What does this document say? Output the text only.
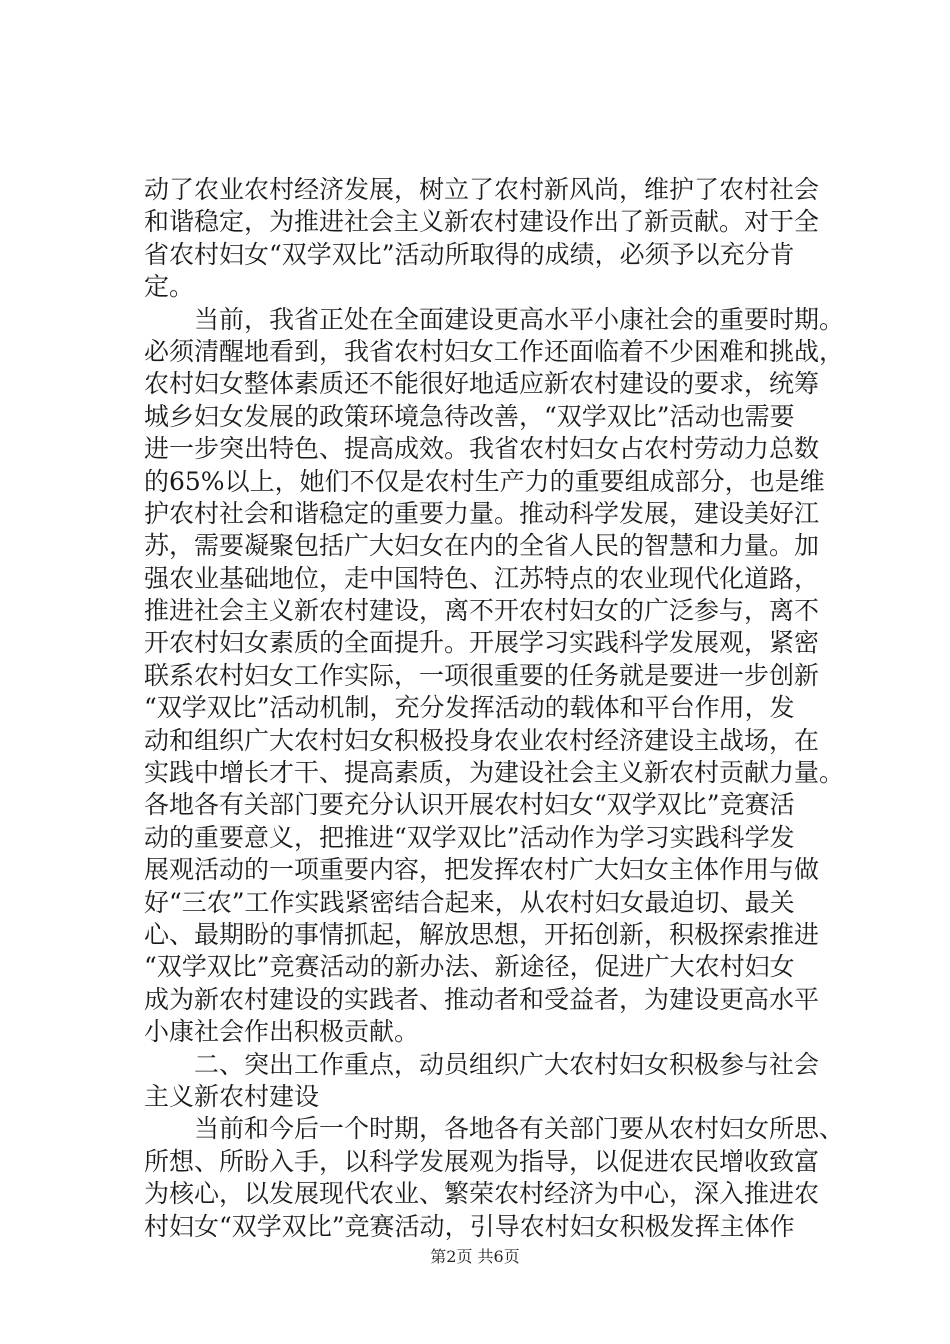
动了农业农村经济发展，树立了农村新风尚，维护了农村社会
和谐稳定，为推进社会主义新农村建设作出了新贡献。对于全
省农村妇女“双学双比”活动所取得的成绩，必须予以充分肯
定。
　　当前，我省正处在全面建设更高水平小康社会的重要时期。
必须清醒地看到，我省农村妇女工作还面临着不少困难和挑战，
农村妇女整体素质还不能很好地适应新农村建设的要求，统筹
城乡妇女发展的政策环境急待改善，“双学双比”活动也需要
进一步突出特色、提高成效。我省农村妇女占农村劳动力总数
的65%以上，她们不仅是农村生产力的重要组成部分，也是维
护农村社会和谐稳定的重要力量。推动科学发展，建设美好江
苏，需要凝聚包括广大妇女在内的全省人民的智慧和力量。加
强农业基础地位，走中国特色、江苏特点的农业现代化道路，
推进社会主义新农村建设，离不开农村妇女的广泛参与，离不
开农村妇女素质的全面提升。开展学习实践科学发展观，紧密
联系农村妇女工作实际，一项很重要的任务就是要进一步创新
“双学双比”活动机制，充分发挥活动的载体和平台作用，发
动和组织广大农村妇女积极投身农业农村经济建设主战场，在
实践中增长才干、提高素质，为建设社会主义新农村贡献力量。
各地各有关部门要充分认识开展农村妇女“双学双比”竞赛活
动的重要意义，把推进“双学双比”活动作为学习实践科学发
展观活动的一项重要内容，把发挥农村广大妇女主体作用与做
好“三农”工作实践紧密结合起来，从农村妇女最迫切、最关
心、最期盼的事情抓起，解放思想，开拓创新，积极探索推进
“双学双比”竞赛活动的新办法、新途径，促进广大农村妇女
成为新农村建设的实践者、推动者和受益者，为建设更高水平
小康社会作出积极贡献。
　　二、突出工作重点，动员组织广大农村妇女积极参与社会
主义新农村建设
　　当前和今后一个时期，各地各有关部门要从农村妇女所思、
所想、所盼入手，以科学发展观为指导，以促进农民增收致富
为核心，以发展现代农业、繁荣农村经济为中心，深入推进农
村妇女“双学双比”竞赛活动，引导农村妇女积极发挥主体作
第2页 共6页
